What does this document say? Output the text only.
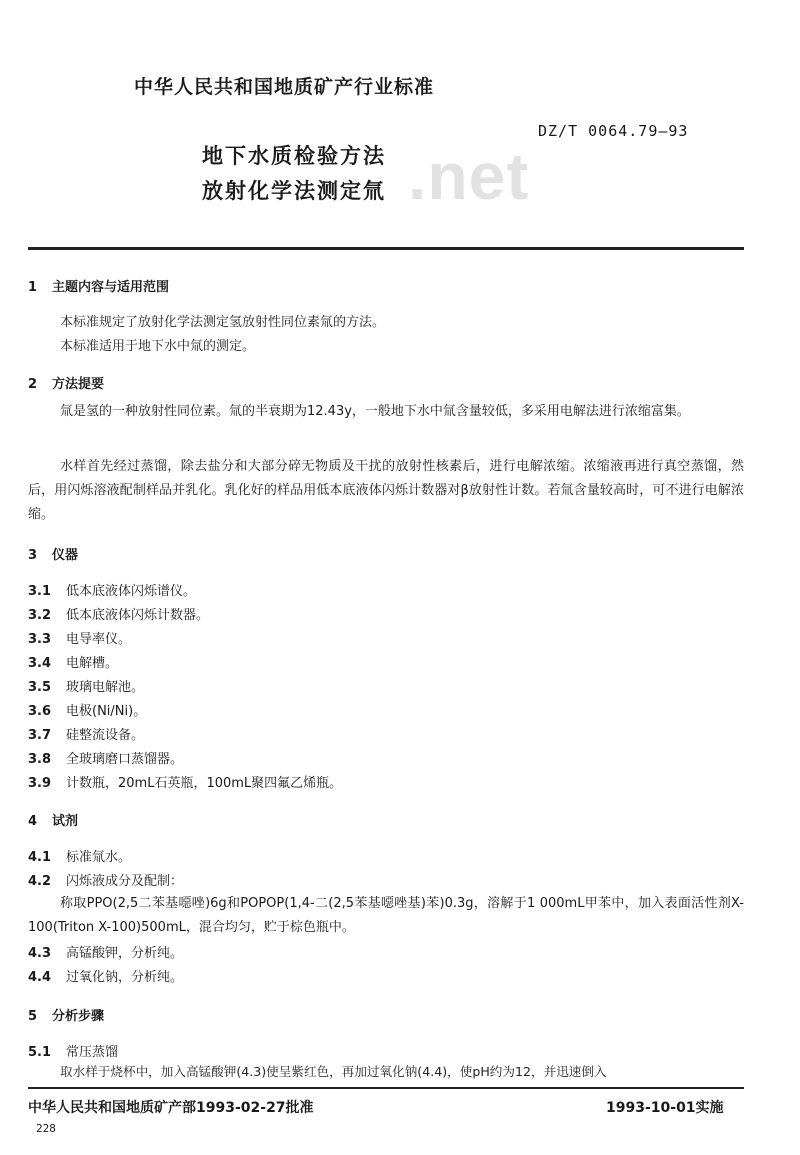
中华人民共和国地质矿产行业标准
DZ/T 0064.79—93
.net
地下水质检验方法
放射化学法测定氚
1 主题内容与适用范围
本标准规定了放射化学法测定氢放射性同位素氚的方法。
本标准适用于地下水中氚的测定。
2 方法提要
氚是氢的一种放射性同位素。氚的半衰期为12.43y，一般地下水中氚含量较低，多采用电解法进行浓缩富集。
水样首先经过蒸馏，除去盐分和大部分碎无物质及干扰的放射性核素后，进行电解浓缩。浓缩液再进行真空蒸馏，然后，用闪烁溶液配制样品并乳化。乳化好的样品用低本底液体闪烁计数器对β放射性计数。若氚含量较高时，可不进行电解浓缩。
3 仪器
3.1 低本底液体闪烁谱仪。
3.2 低本底液体闪烁计数器。
3.3 电导率仪。
3.4 电解槽。
3.5 玻璃电解池。
3.6 电极(Ni/Ni)。
3.7 硅整流设备。
3.8 全玻璃磨口蒸馏器。
3.9 计数瓶，20mL石英瓶，100mL聚四氟乙烯瓶。
4 试剂
4.1 标准氚水。
4.2 闪烁液成分及配制：
称取PPO(2,5二苯基噁唑)6g和POPOP(1,4-二(2,5苯基噁唑基)苯)0.3g，溶解于1 000mL甲苯中，加入表面活性剂X-100(Triton X-100)500mL，混合均匀，贮于棕色瓶中。
4.3 高锰酸钾，分析纯。
4.4 过氧化钠，分析纯。
5 分析步骤
5.1 常压蒸馏
取水样于烧杯中，加入高锰酸钾(4.3)使呈紫红色，再加过氧化钠(4.4)，使pH约为12，并迅速倒入
中华人民共和国地质矿产部1993-02-27批准	1993-10-01实施
228
